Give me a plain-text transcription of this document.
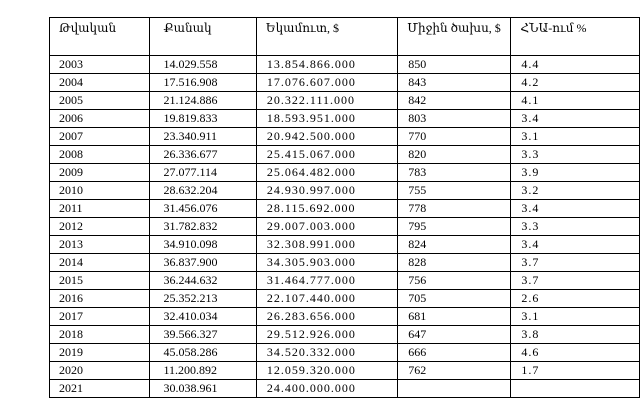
Թվական	Քանակ	Եկամուտ, $	Միջին ծախս, $	ՀՆԱ-ում %
2003	14.029.558	13.854.866.000	850	4.4
2004	17.516.908	17.076.607.000	843	4.2
2005	21.124.886	20.322.111.000	842	4.1
2006	19.819.833	18.593.951.000	803	3.4
2007	23.340.911	20.942.500.000	770	3.1
2008	26.336.677	25.415.067.000	820	3.3
2009	27.077.114	25.064.482.000	783	3.9
2010	28.632.204	24.930.997.000	755	3.2
2011	31.456.076	28.115.692.000	778	3.4
2012	31.782.832	29.007.003.000	795	3.3
2013	34.910.098	32.308.991.000	824	3.4
2014	36.837.900	34.305.903.000	828	3.7
2015	36.244.632	31.464.777.000	756	3.7
2016	25.352.213	22.107.440.000	705	2.6
2017	32.410.034	26.283.656.000	681	3.1
2018	39.566.327	29.512.926.000	647	3.8
2019	45.058.286	34.520.332.000	666	4.6
2020	11.200.892	12.059.320.000	762	1.7
2021	30.038.961	24.400.000.000		
